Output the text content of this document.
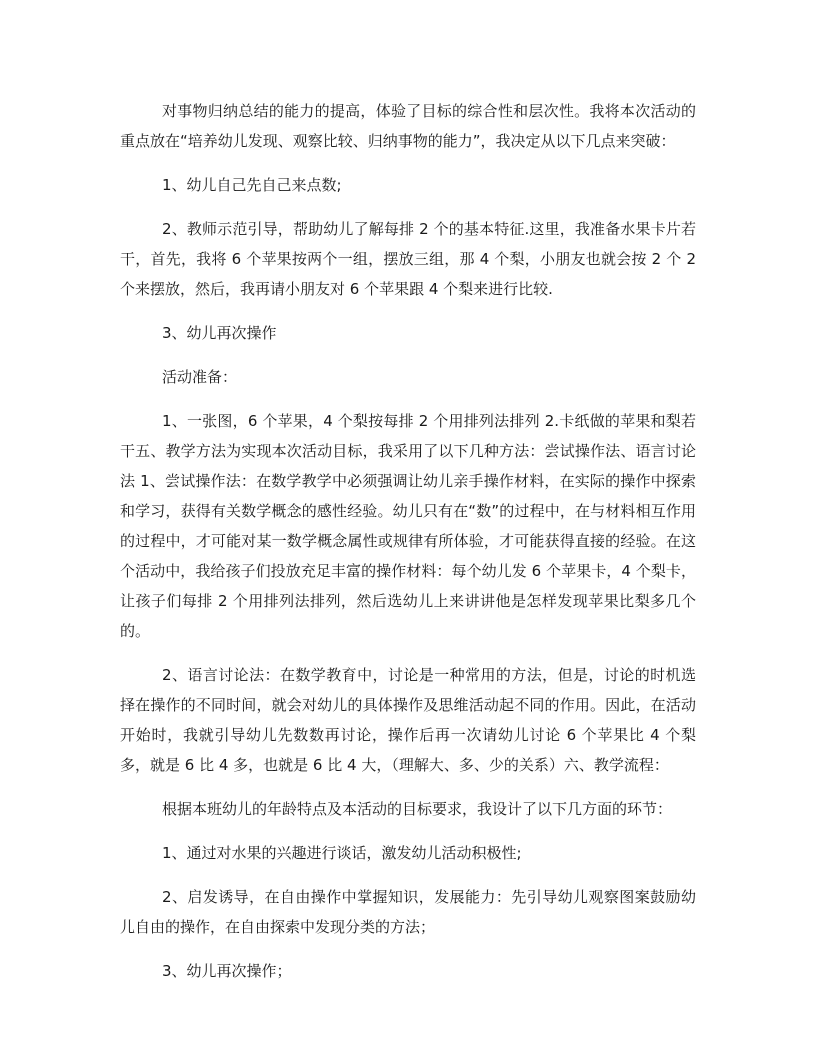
对事物归纳总结的能力的提高，体验了目标的综合性和层次性。我将本次活动的重点放在“培养幼儿发现、观察比较、归纳事物的能力”，我决定从以下几点来突破：

1、幼儿自己先自己来点数;

2、教师示范引导，帮助幼儿了解每排 2 个的基本特征.这里，我准备水果卡片若干，首先，我将 6 个苹果按两个一组，摆放三组，那 4 个梨，小朋友也就会按 2 个 2 个来摆放，然后，我再请小朋友对 6 个苹果跟 4 个梨来进行比较.

3、幼儿再次操作

活动准备：

1、一张图，6 个苹果，4 个梨按每排 2 个用排列法排列 2.卡纸做的苹果和梨若干五、教学方法为实现本次活动目标，我采用了以下几种方法：尝试操作法、语言讨论法 1、尝试操作法：在数学教学中必须强调让幼儿亲手操作材料，在实际的操作中探索和学习，获得有关数学概念的感性经验。幼儿只有在“数”的过程中，在与材料相互作用的过程中，才可能对某一数学概念属性或规律有所体验，才可能获得直接的经验。在这个活动中，我给孩子们投放充足丰富的操作材料：每个幼儿发 6 个苹果卡，4 个梨卡，让孩子们每排 2 个用排列法排列，然后选幼儿上来讲讲他是怎样发现苹果比梨多几个的。

2、语言讨论法：在数学教育中，讨论是一种常用的方法，但是，讨论的时机选择在操作的不同时间，就会对幼儿的具体操作及思维活动起不同的作用。因此，在活动开始时，我就引导幼儿先数数再讨论，操作后再一次请幼儿讨论 6 个苹果比 4 个梨多，就是 6 比 4 多，也就是 6 比 4 大，（理解大、多、少的关系）六、教学流程：

根据本班幼儿的年龄特点及本活动的目标要求，我设计了以下几方面的环节：

1、通过对水果的兴趣进行谈话，激发幼儿活动积极性;

2、启发诱导，在自由操作中掌握知识，发展能力：先引导幼儿观察图案鼓励幼儿自由的操作，在自由探索中发现分类的方法；

3、幼儿再次操作；
